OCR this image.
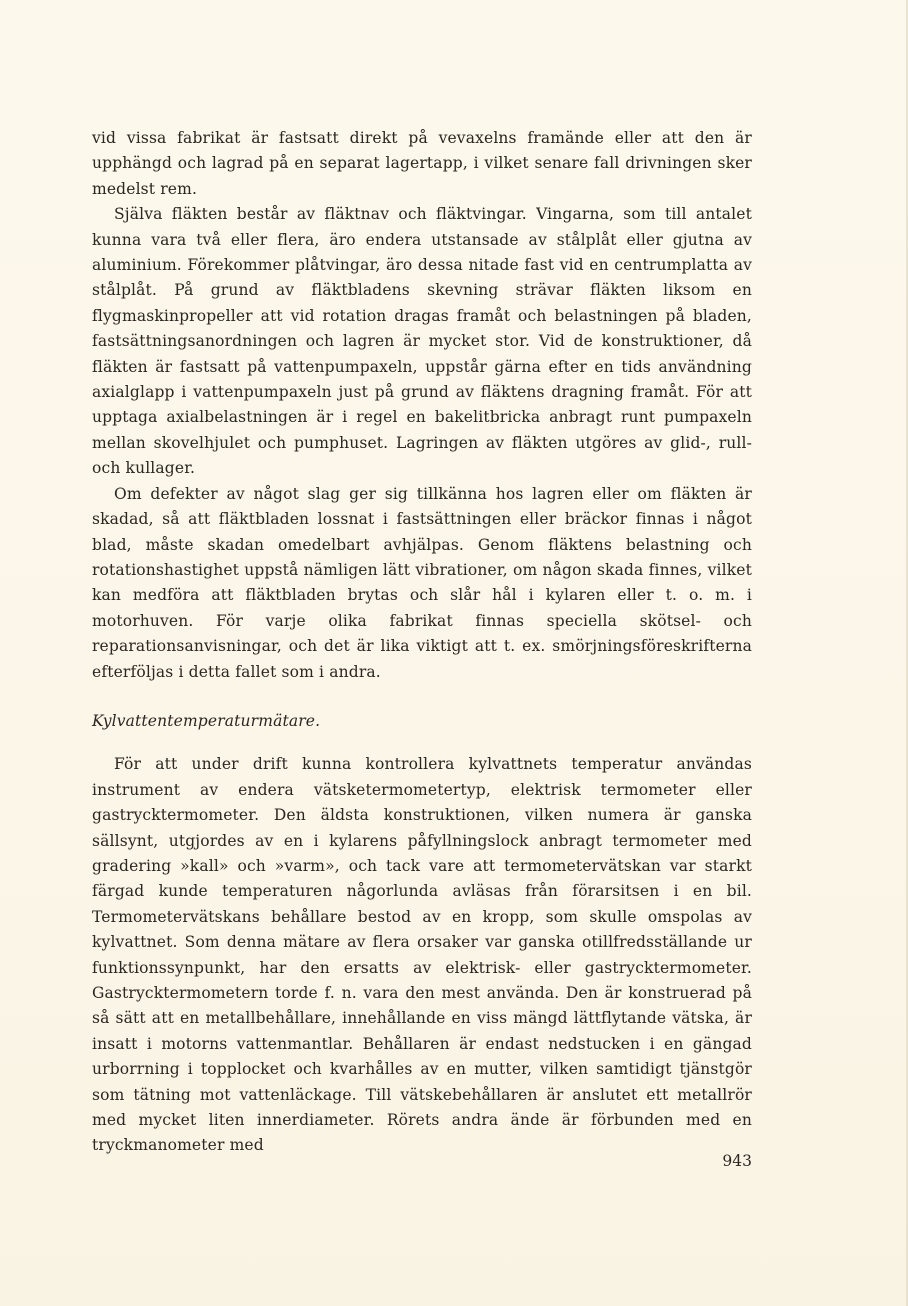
vid vissa fabrikat är fastsatt direkt på vevaxelns framände eller att den är upphängd och lagrad på en separat lagertapp, i vilket senare fall drivningen sker medelst rem.

Själva fläkten består av fläktnav och fläktvingar. Vingarna, som till antalet kunna vara två eller flera, äro endera utstansade av stålplåt eller gjutna av aluminium. Förekommer plåtvingar, äro dessa nitade fast vid en centrumplatta av stålplåt. På grund av fläktbladens skevning strävar fläkten liksom en flygmaskinpropeller att vid rotation dragas framåt och belastningen på bladen, fastsättningsanordningen och lagren är mycket stor. Vid de konstruktioner, då fläkten är fastsatt på vattenpumpaxeln, uppstår gärna efter en tids användning axialglapp i vattenpumpaxeln just på grund av fläktens dragning framåt. För att upptaga axialbelastningen är i regel en bakelitbricka anbragt runt pumpaxeln mellan skovelhjulet och pumphuset. Lagringen av fläkten utgöres av glid-, rull- och kullager.

Om defekter av något slag ger sig tillkänna hos lagren eller om fläkten är skadad, så att fläktbladen lossnat i fastsättningen eller bräckor finnas i något blad, måste skadan omedelbart avhjälpas. Genom fläktens belastning och rotationshastighet uppstå nämligen lätt vibrationer, om någon skada finnes, vilket kan medföra att fläktbladen brytas och slår hål i kylaren eller t. o. m. i motorhuven. För varje olika fabrikat finnas speciella skötsel- och reparationsanvisningar, och det är lika viktigt att t. ex. smörjningsföreskrifterna efterföljas i detta fallet som i andra.

Kylvattentemperaturmätare.

För att under drift kunna kontrollera kylvattnets temperatur användas instrument av endera vätsketermometertyp, elektrisk termometer eller gastrycktermometer. Den äldsta konstruktionen, vilken numera är ganska sällsynt, utgjordes av en i kylarens påfyllningslock anbragt termometer med gradering »kall» och »varm», och tack vare att termometervätskan var starkt färgad kunde temperaturen någorlunda avläsas från förarsitsen i en bil. Termometervätskans behållare bestod av en kropp, som skulle omspolas av kylvattnet. Som denna mätare av flera orsaker var ganska otillfredsställande ur funktionssynpunkt, har den ersatts av elektrisk- eller gastrycktermometer. Gastrycktermometern torde f. n. vara den mest använda. Den är konstruerad på så sätt att en metallbehållare, innehållande en viss mängd lättflytande vätska, är insatt i motorns vattenmantlar. Behållaren är endast nedstucken i en gängad urborrning i topplocket och kvarhålles av en mutter, vilken samtidigt tjänstgör som tätning mot vattenläckage. Till vätskebehållaren är anslutet ett metallrör med mycket liten innerdiameter. Rörets andra ände är förbunden med en tryckmanometer med

943
